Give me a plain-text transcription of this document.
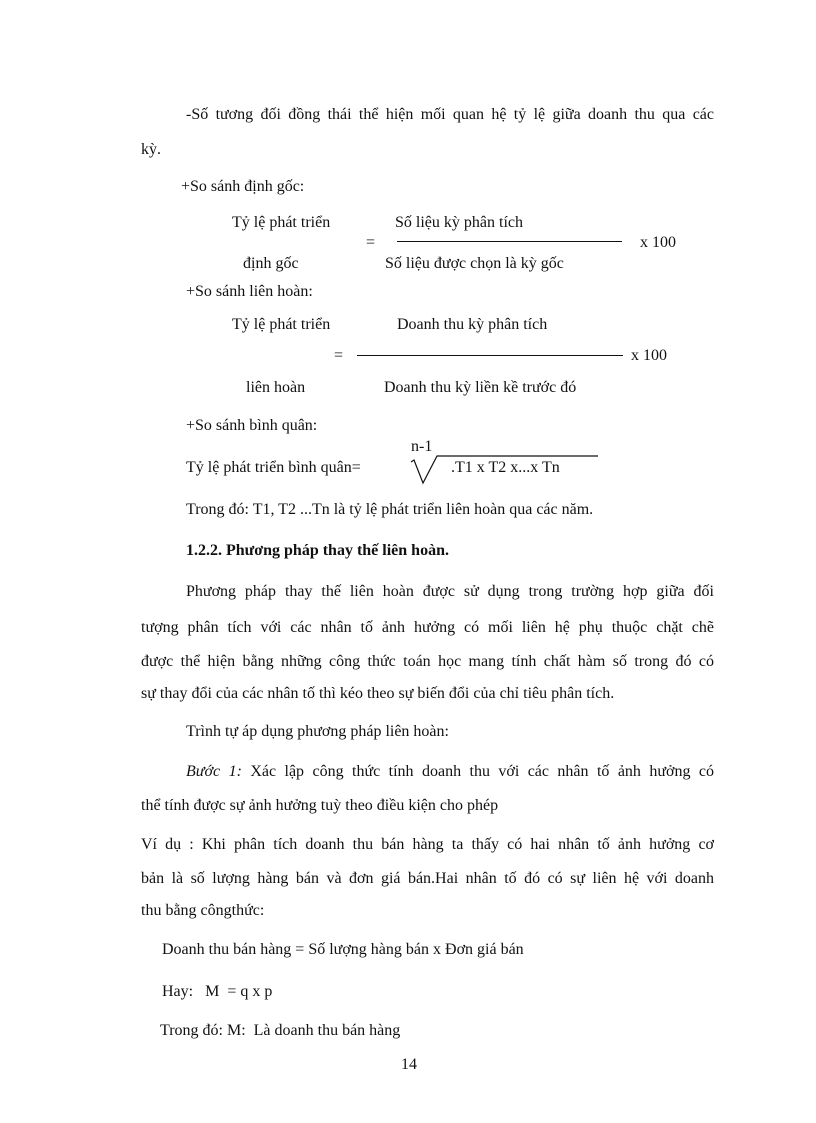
-Số tương đối đồng thái thể hiện mối quan hệ tỷ lệ giữa doanh thu qua các
kỳ.
+So sánh định gốc:
Tỷ lệ phát triển	Số liệu kỳ phân tích
=	x 100
định gốc	Số liệu được chọn là kỳ gốc
+So sánh liên hoàn:
Tỷ lệ phát triển	Doanh thu kỳ phân tích
=	x 100
liên hoàn	Doanh thu kỳ liền kề trước đó
+So sánh bình quân:
n-1
Tỷ lệ phát triển bình quân=	.T1 x T2 x...x Tn
Trong đó: T1, T2 ...Tn là tỷ lệ phát triển liên hoàn qua các năm.
1.2.2. Phương pháp thay thế liên hoàn.
Phương pháp thay thế liên hoàn được sử dụng trong trường hợp giữa đối
tượng phân tích với các nhân tố ảnh hưởng có mối liên hệ phụ thuộc chặt chẽ
được thể hiện bằng những công thức toán học mang tính chất hàm số trong đó có
sự thay đổi của các nhân tố thì kéo theo sự biến đổi của chỉ tiêu phân tích.
Trình tự áp dụng phương pháp liên hoàn:
Bước 1: Xác lập công thức tính doanh thu với các nhân tố ảnh hưởng có
thể tính được sự ảnh hưởng tuỳ theo điều kiện cho phép
Ví dụ : Khi phân tích doanh thu bán hàng ta thấy có hai nhân tố ảnh hưởng cơ
bản là số lượng hàng bán và đơn giá bán.Hai nhân tố đó có sự liên hệ với doanh
thu bằng côngthức:
Doanh thu bán hàng = Số lượng hàng bán x Đơn giá bán
Hay:   M  = q x p
Trong đó: M:  Là doanh thu bán hàng
14
